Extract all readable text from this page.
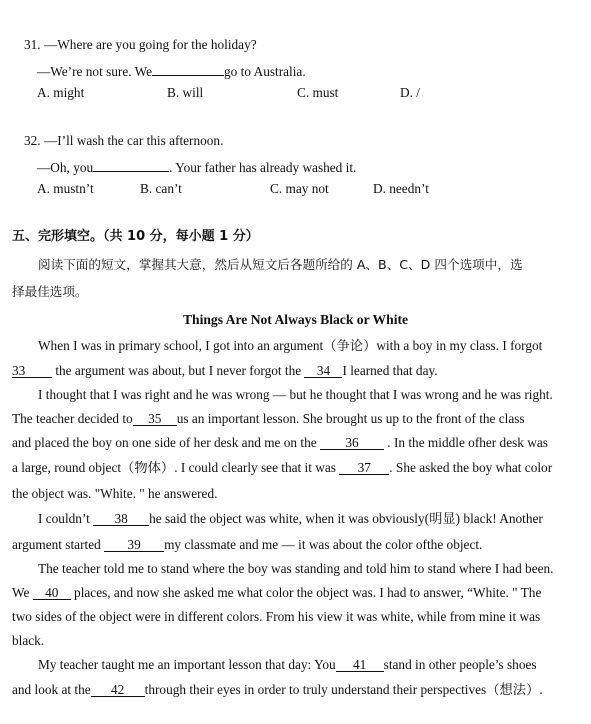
31. —Where are you going for the holiday?
—We’re not sure. We	go to Australia.
A. might	B. will	C. must	D. /
32. —I’ll wash the car this afternoon.
—Oh, you	. Your father has already washed it.
A. mustn’t	B. can’t	C. may not	D. needn’t
五、完形填空。（共 10 分，每小题 1 分）
阅读下面的短文，掌握其大意，然后从短文后各题所给的 A、B、C、D 四个选项中，选
择最佳选项。
Things Are Not Always Black or White
When I was in primary school, I got into an argument（争论）with a boy in my class. I forgot
33 the argument was about, but I never forgot the 34 I learned that day.
I thought that I was right and he was wrong — but he thought that I was wrong and he was right.
The teacher decided to 35 us an important lesson. She brought us up to the front of the class
and placed the boy on one side of her desk and me on the 36 . In the middle ofher desk was
a large, round object（物体）. I could clearly see that it was 37 . She asked the boy what color
the object was. "White. " he answered.
I couldn’t 38 he said the object was white, when it was obviously(明显) black! Another
argument started 39 my classmate and me — it was about the color ofthe object.
The teacher told me to stand where the boy was standing and told him to stand where I had been.
We 40 places, and now she asked me what color the object was. I had to answer, “White. " The
two sides of the object were in different colors. From his view it was white, while from mine it was
black.
My teacher taught me an important lesson that day: You 41 stand in other people’s shoes
and look at the 42 through their eyes in order to truly understand their perspectives（想法）.
